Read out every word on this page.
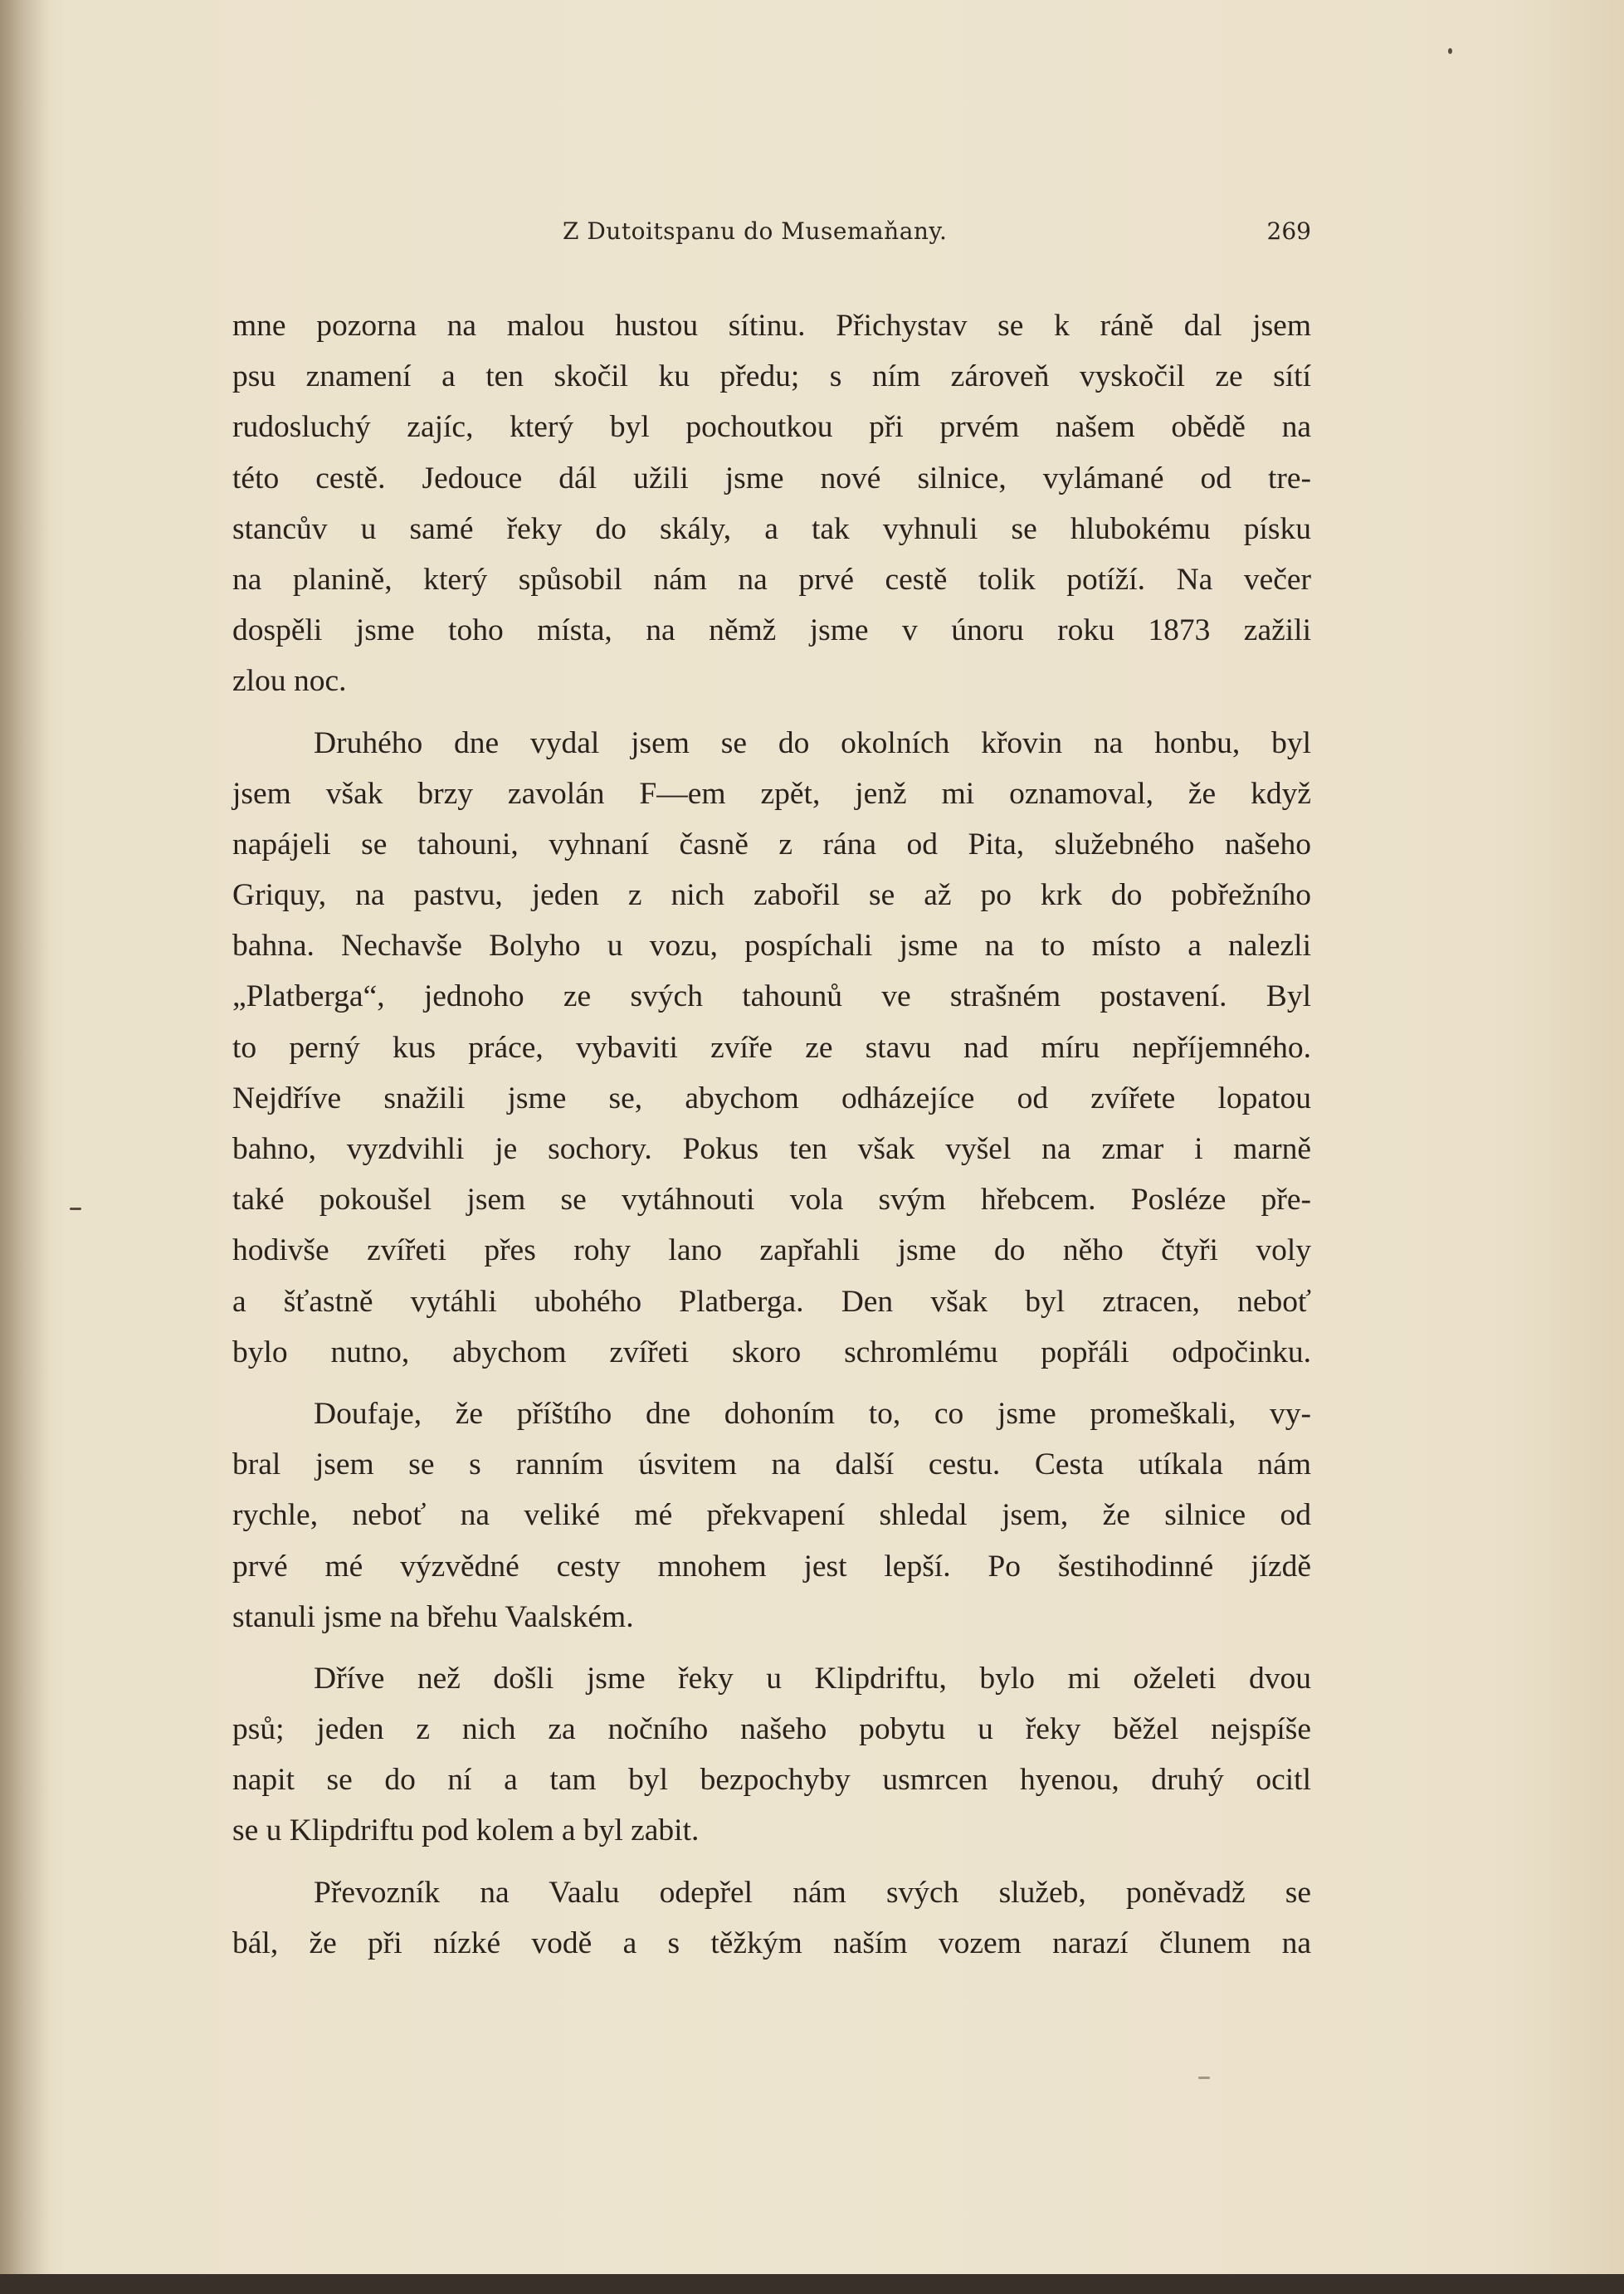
Z Dutoitspanu do Musemaňany.	269
mne pozorna na malou hustou sítinu. Přichystav se k ráně dal jsem
psu znamení a ten skočil ku předu; s ním zároveň vyskočil ze sítí
rudosluchý zajíc, který byl pochoutkou při prvém našem obědě na
této cestě. Jedouce dál užili jsme nové silnice, vylámané od tre-
stancův u samé řeky do skály, a tak vyhnuli se hlubokému písku
na planině, který spůsobil nám na prvé cestě tolik potíží. Na večer
dospěli jsme toho místa, na němž jsme v únoru roku 1873 zažili
zlou noc.
Druhého dne vydal jsem se do okolních křovin na honbu, byl
jsem však brzy zavolán F—em zpět, jenž mi oznamoval, že když
napájeli se tahouni, vyhnaní časně z rána od Pita, služebného našeho
Griquy, na pastvu, jeden z nich zabořil se až po krk do pobřežního
bahna. Nechavše Bolyho u vozu, pospíchali jsme na to místo a nalezli
„Platberga“, jednoho ze svých tahounů ve strašném postavení. Byl
to perný kus práce, vybaviti zvíře ze stavu nad míru nepříjemného.
Nejdříve snažili jsme se, abychom odházejíce od zvířete lopatou
bahno, vyzdvihli je sochory. Pokus ten však vyšel na zmar i marně
také pokoušel jsem se vytáhnouti vola svým hřebcem. Posléze pře-
hodivše zvířeti přes rohy lano zapřahli jsme do něho čtyři voly
a šťastně vytáhli ubohého Platberga. Den však byl ztracen, neboť
bylo nutno, abychom zvířeti skoro schromlému popřáli odpočinku.
Doufaje, že příštího dne dohoním to, co jsme promeškali, vy-
bral jsem se s ranním úsvitem na další cestu. Cesta utíkala nám
rychle, neboť na veliké mé překvapení shledal jsem, že silnice od
prvé mé výzvědné cesty mnohem jest lepší. Po šestihodinné jízdě
stanuli jsme na břehu Vaalském.
Dříve než došli jsme řeky u Klipdriftu, bylo mi oželeti dvou
psů; jeden z nich za nočního našeho pobytu u řeky běžel nejspíše
napit se do ní a tam byl bezpochyby usmrcen hyenou, druhý ocitl
se u Klipdriftu pod kolem a byl zabit.
Převozník na Vaalu odepřel nám svých služeb, poněvadž se
bál, že při nízké vodě a s těžkým naším vozem narazí člunem na
